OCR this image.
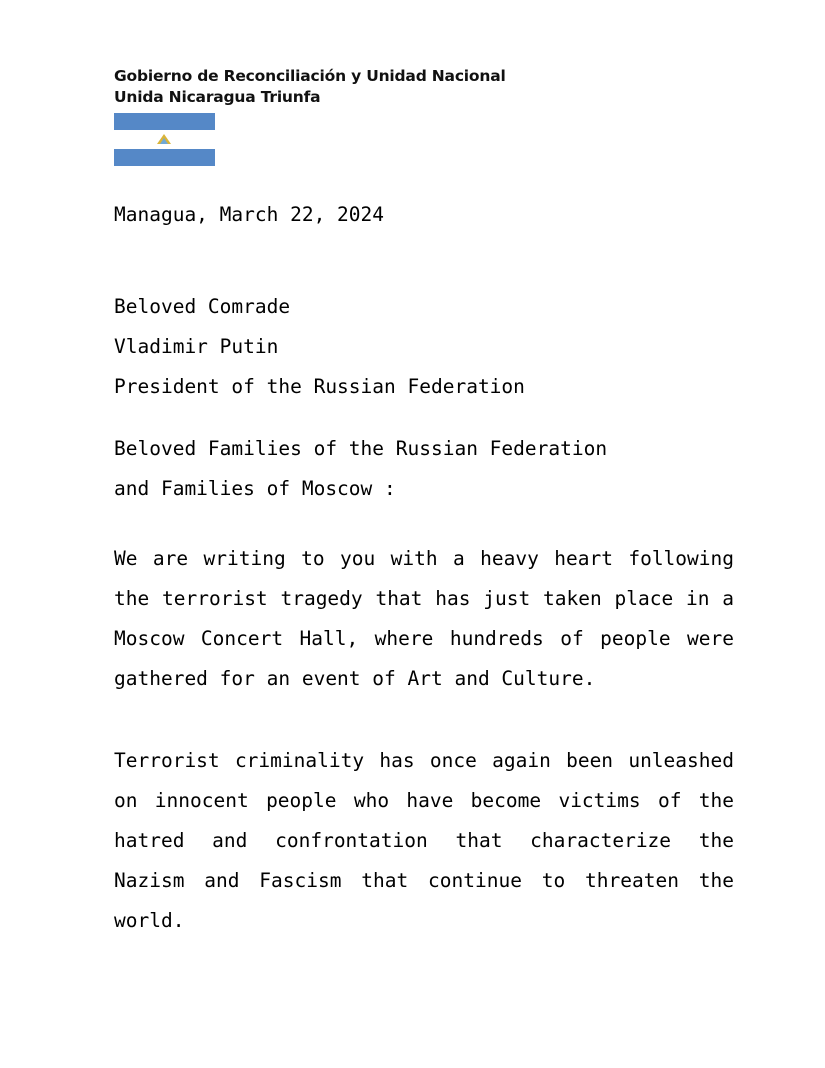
Gobierno de Reconciliación y Unidad Nacional
Unida Nicaragua Triunfa
Managua, March 22, 2024
Beloved Comrade
Vladimir Putin
President of the Russian Federation
Beloved Families of the Russian Federation
and Families of Moscow :
We are writing to you with a heavy heart following the terrorist tragedy that has just taken place in a Moscow Concert Hall, where hundreds of people were gathered for an event of Art and Culture.
Terrorist criminality has once again been unleashed on innocent people who have become victims of the hatred and confrontation that characterize the Nazism and Fascism that continue to threaten the world.
